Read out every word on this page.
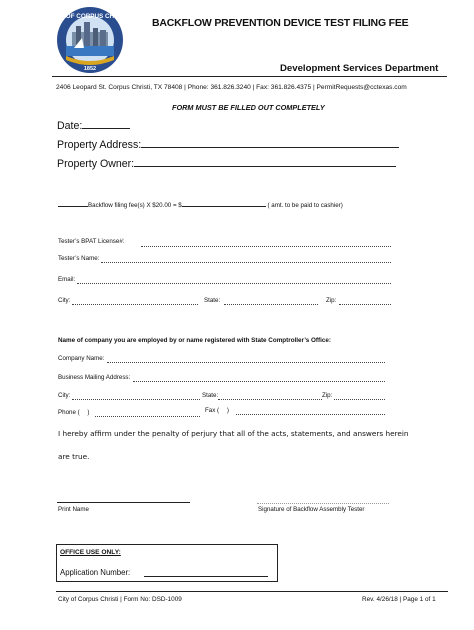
CITY OF CORPUS CHRISTI
1852
BACKFLOW PREVENTION DEVICE TEST FILING FEE
Development Services Department
2406 Leopard St. Corpus Christi, TX 78408 | Phone: 361.826.3240 | Fax: 361.826.4375 | PermitRequests@cctexas.com
FORM MUST BE FILLED OUT COMPLETELY
Date:
Property Address:
Property Owner:
Backflow filing fee(s) X $20.00 = $	( amt. to be paid to cashier)
Tester’s BPAT License#:
Tester’s Name:
Email:
City:	State:	Zip:
Name of company you are employed by or name registered with State Comptroller’s Office:
Company Name:
Business Mailing Address:
City:	State:	Zip:
Phone ( )	Fax ( )
I hereby affirm under the penalty of perjury that all of the acts, statements, and answers herein
are true.
Print Name	Signature of Backflow Assembly Tester
OFFICE USE ONLY:
Application Number:
City of Corpus Christi | Form No: DSD-1009	Rev. 4/26/18 | Page 1 of 1
